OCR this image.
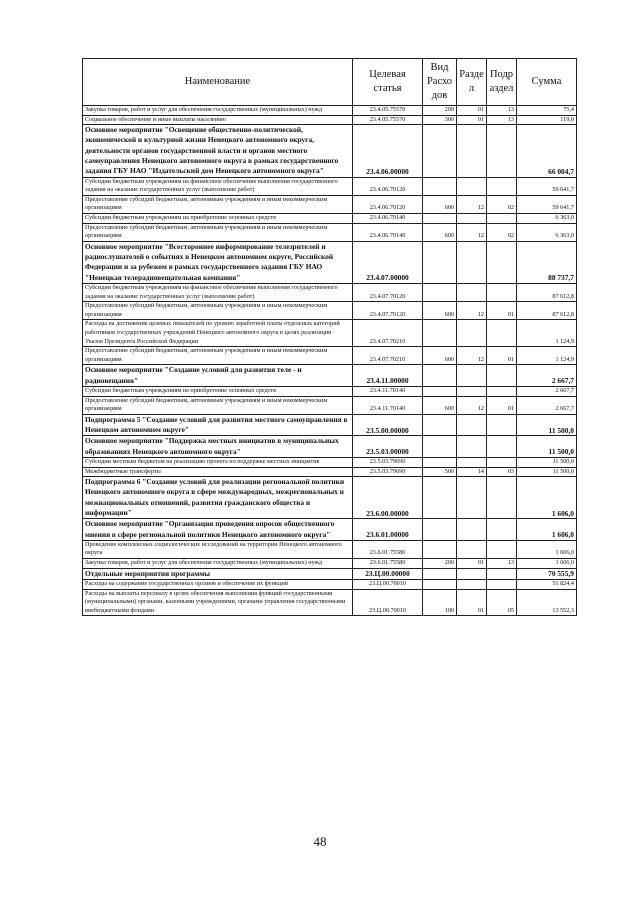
Наименование	Целевая статья	Вид Расхо дов	Разде л	Подр аздел	Сумма
Закупка товаров, работ и услуг для обеспечения государственных (муниципальных) нужд	23.4.05.75570	200	01	13	75,4
Социальное обеспечение и иные выплаты населению	23.4.05.75570	300	01	13	119,0
Основное мероприятие "Освещение общественно-политической, экономической и культурной жизни Ненецкого автономного округа, деятельности органов государственной власти и органов местного самоуправления Ненецкого автономного округа в рамках государственного задания ГБУ НАО "Издательский дом Ненецкого автономного округа"	23.4.06.00000				66 004,7
Субсидии бюджетным учреждениям на финансовое обеспечение выполнения государственного задания на оказание государственных услуг (выполнение работ)	23.4.06.70120				59 641,7
Предоставление субсидий бюджетным, автономным учреждениям и иным некоммерческим организациям	23.4.06.70120	600	12	02	59 641,7
Субсидии бюджетным учреждениям на приобретение основных средств	23.4.06.70140				6 363,0
Предоставление субсидий бюджетным, автономным учреждениям и иным некоммерческим организациям	23.4.06.70140	600	12	02	6 363,0
Основное мероприятие "Всестороннее информирование телезрителей и радиослушателей о событиях в Ненецком автономном округе, Российской Федерации и за рубежом в рамках государственного задания ГБУ НАО "Ненецкая телерадиовещательная компания"	23.4.07.00000				88 737,7
Субсидии бюджетным учреждениям на финансовое обеспечение выполнения государственного задания на оказание государственных услуг (выполнение работ)	23.4.07.70120				87 612,8
Предоставление субсидий бюджетным, автономным учреждениям и иным некоммерческим организациям	23.4.07.70120	600	12	01	87 612,8
Расходы на достижение целевых показателей по уровню заработной платы отдельных категорий работников государственных учреждений Ненецкого автономного округа в целях реализации Указов Президента Российской Федерации	23.4.07.70210				1 124,9
Предоставление субсидий бюджетным, автономным учреждениям и иным некоммерческим организациям	23.4.07.70210	600	12	01	1 124,9
Основное мероприятие "Создание условий для развития теле - и радиовещания"	23.4.11.00000				2 667,7
Субсидии бюджетным учреждениям на приобретение основных средств	23.4.11.70140				2 667,7
Предоставление субсидий бюджетным, автономным учреждениям и иным некоммерческим организациям	23.4.11.70140	600	12	01	2 667,7
Подпрограмма 5 "Создание условий для развития местного самоуправления в Ненецком автономном округе"	23.5.00.00000				11 500,0
Основное мероприятие "Поддержка местных инициатив в муниципальных образованиях Ненецкого автономного округа"	23.5.03.00000				11 500,0
Субсидии местным бюджетам на реализацию проекта по поддержке местных инициатив	23.5.03.79690				11 500,0
Межбюджетные трансферты	23.5.03.79690	500	14	03	11 500,0
Подпрограмма 6 "Создание условий для реализации региональной политики Ненецкого автономного округа в сфере международных, межрегиональных и межнациональных отношений, развития гражданского общества и информации"	23.6.00.00000				1 606,0
Основное мероприятие "Организация проведения опросов общественного мнения в сфере региональной политики Ненецкого автономного округа"	23.6.01.00000				1 606,0
Проведение комплексных социологических исследований на территории Ненецкого автономного округа	23.6.01.75580				1 606,0
Закупка товаров, работ и услуг для обеспечения государственных (муниципальных) нужд	23.6.01.75580	200	01	13	1 606,0
Отдельные мероприятия программы	23.Ц.00.00000				70 555,9
Расходы на содержание государственных органов и обеспечение их функций	23.Ц.00.70010				51 824,4
Расходы на выплаты персоналу в целях обеспечения выполнения функций государственными (муниципальными) органами, казенными учреждениями, органами управления государственными внебюджетными фондами	23.Ц.00.70010	100	01	05	13 552,3
48
